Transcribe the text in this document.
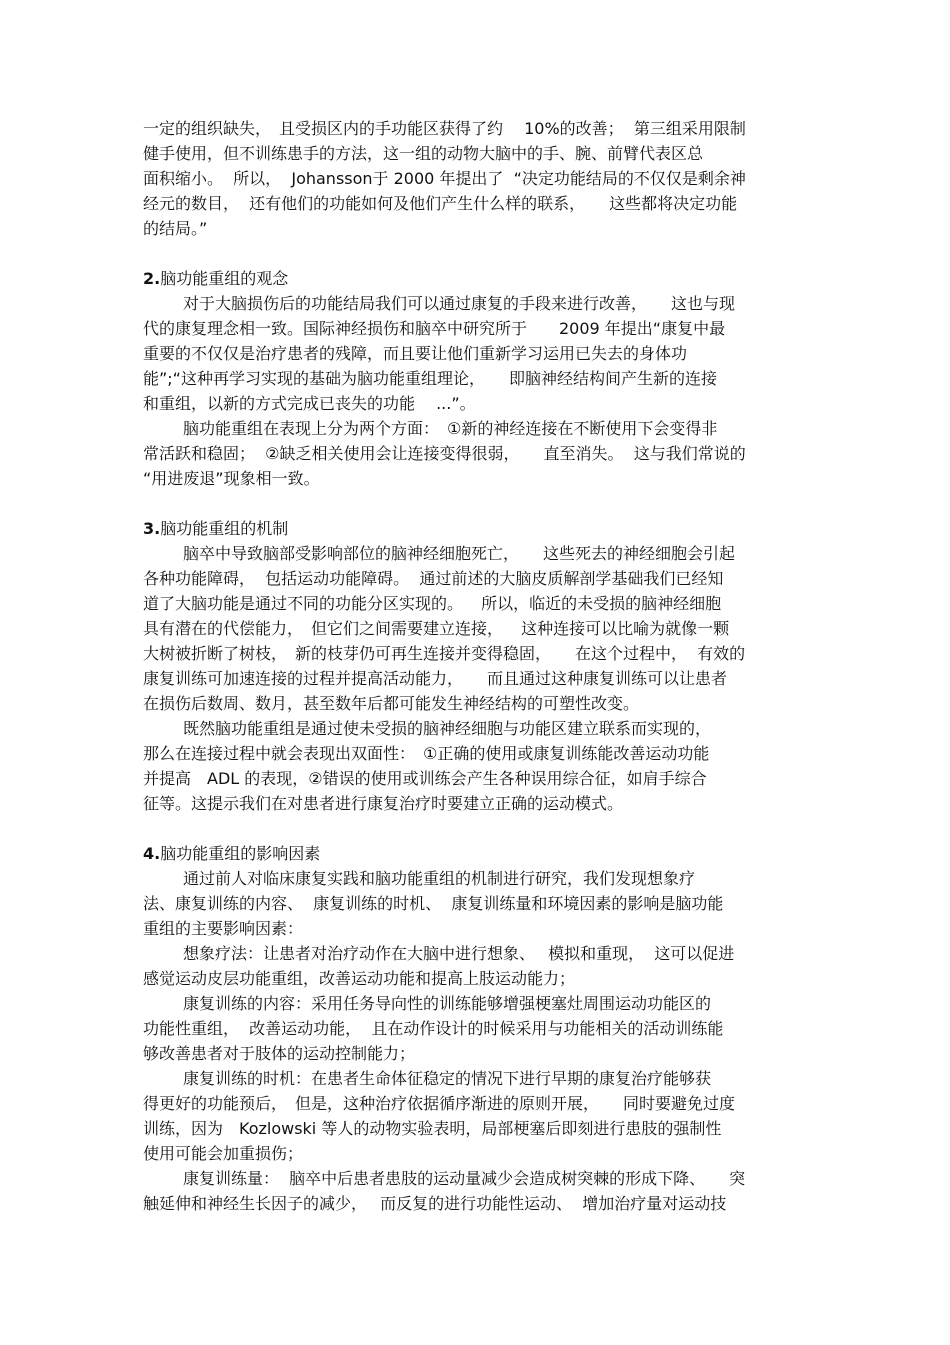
一定的组织缺失，　且受损区内的手功能区获得了约　 10%的改善；  第三组采用限制
健手使用，但不训练患手的方法，这一组的动物大脑中的手、腕、前臂代表区总
面积缩小。  所以，  Johansson于 2000 年提出了  “决定功能结局的不仅仅是剩余神
经元的数目，  还有他们的功能如何及他们产生什么样的联系，　　这些都将决定功能
的结局。”
2.脑功能重组的观念
对于大脑损伤后的功能结局我们可以通过康复的手段来进行改善，　　这也与现
代的康复理念相一致。国际神经损伤和脑卒中研究所于　　2009 年提出“康复中最
重要的不仅仅是治疗患者的残障，而且要让他们重新学习运用已失去的身体功
能”;“这种再学习实现的基础为脑功能重组理论，　　即脑神经结构间产生新的连接
和重组，以新的方式完成已丧失的功能　 ...”。
脑功能重组在表现上分为两个方面：　①新的神经连接在不断使用下会变得非
常活跃和稳固；  ②缺乏相关使用会让连接变得很弱，　　直至消失。  这与我们常说的
“用进废退”现象相一致。
3.脑功能重组的机制
脑卒中导致脑部受影响部位的脑神经细胞死亡，　　这些死去的神经细胞会引起
各种功能障碍，  包括运动功能障碍。  通过前述的大脑皮质解剖学基础我们已经知
道了大脑功能是通过不同的功能分区实现的。　  所以，临近的未受损的脑神经细胞
具有潜在的代偿能力，　但它们之间需要建立连接，　  这种连接可以比喻为就像一颗
大树被折断了树枝，　新的枝芽仍可再生连接并变得稳固，　　在这个过程中，  有效的
康复训练可加速连接的过程并提高活动能力，　　而且通过这种康复训练可以让患者
在损伤后数周、数月，甚至数年后都可能发生神经结构的可塑性改变。
既然脑功能重组是通过使未受损的脑神经细胞与功能区建立联系而实现的，
那么在连接过程中就会表现出双面性：　①正确的使用或康复训练能改善运动功能
并提高　ADL 的表现，②错误的使用或训练会产生各种误用综合征，如肩手综合
征等。这提示我们在对患者进行康复治疗时要建立正确的运动模式。
4.脑功能重组的影响因素
通过前人对临床康复实践和脑功能重组的机制进行研究，我们发现想象疗
法、康复训练的内容、  康复训练的时机、  康复训练量和环境因素的影响是脑功能
重组的主要影响因素：
想象疗法：让患者对治疗动作在大脑中进行想象、　 模拟和重现，  这可以促进
感觉运动皮层功能重组，改善运动功能和提高上肢运动能力；
康复训练的内容：采用任务导向性的训练能够增强梗塞灶周围运动功能区的
功能性重组，  改善运动功能，  且在动作设计的时候采用与功能相关的活动训练能
够改善患者对于肢体的运动控制能力；
康复训练的时机：在患者生命体征稳定的情况下进行早期的康复治疗能够获
得更好的功能预后，　但是，这种治疗依据循序渐进的原则开展，　　同时要避免过度
训练，因为　Kozlowski 等人的动物实验表明，局部梗塞后即刻进行患肢的强制性
使用可能会加重损伤；
康复训练量：  脑卒中后患者患肢的运动量减少会造成树突棘的形成下降、　　突
触延伸和神经生长因子的减少，　 而反复的进行功能性运动、  增加治疗量对运动技
